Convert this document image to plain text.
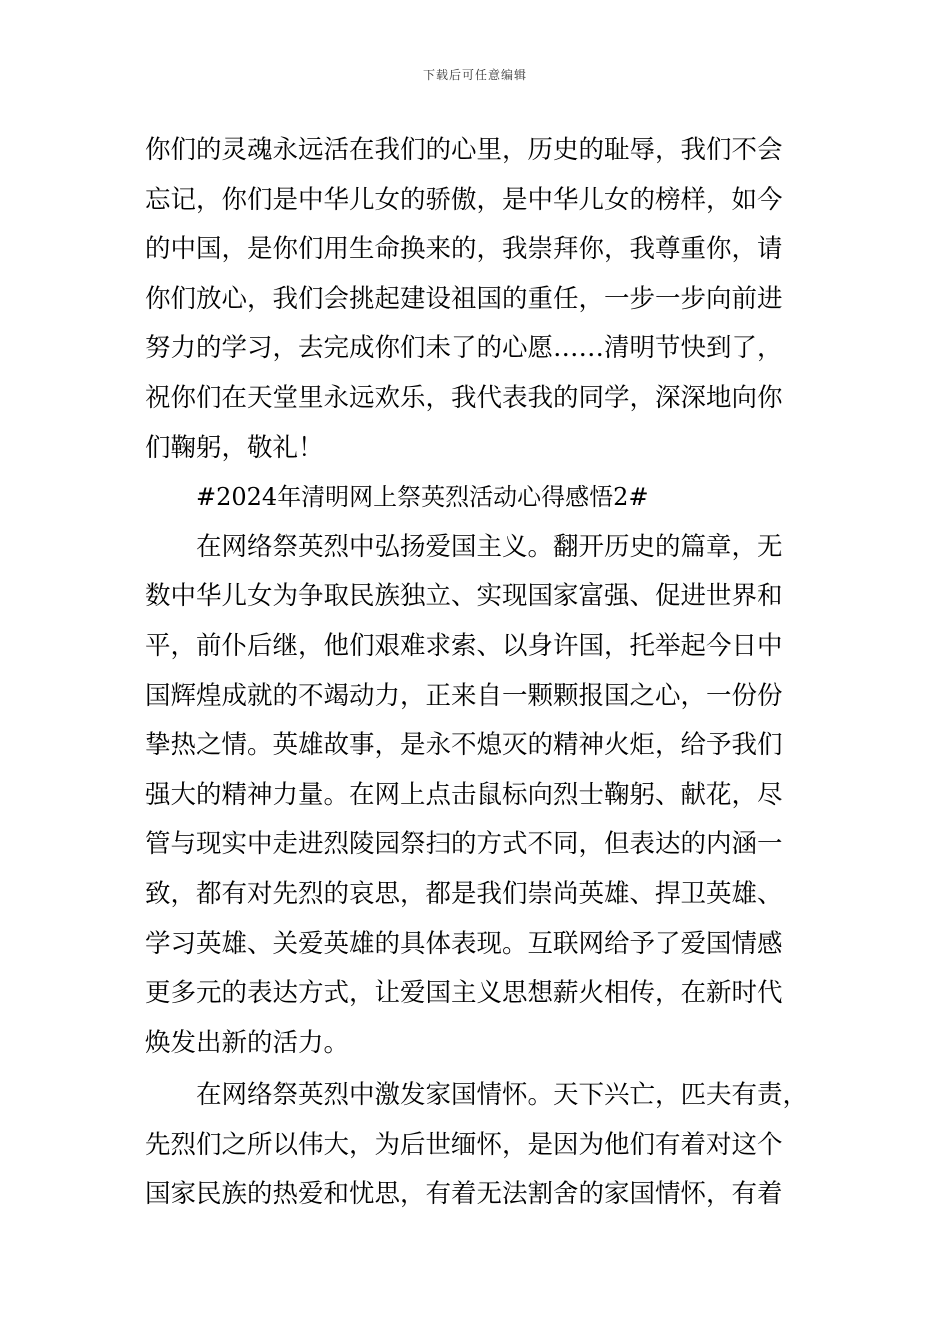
下载后可任意编辑
你们的灵魂永远活在我们的心里，历史的耻辱，我们不会
忘记，你们是中华儿女的骄傲，是中华儿女的榜样，如今
的中国，是你们用生命换来的，我崇拜你，我尊重你，请
你们放心，我们会挑起建设祖国的重任，一步一步向前进
努力的学习，去完成你们未了的心愿……清明节快到了，
祝你们在天堂里永远欢乐，我代表我的同学，深深地向你
们鞠躬，敬礼！
#2024年清明网上祭英烈活动心得感悟2#
在网络祭英烈中弘扬爱国主义。翻开历史的篇章，无
数中华儿女为争取民族独立、实现国家富强、促进世界和
平，前仆后继，他们艰难求索、以身许国，托举起今日中
国辉煌成就的不竭动力，正来自一颗颗报国之心，一份份
挚热之情。英雄故事，是永不熄灭的精神火炬，给予我们
强大的精神力量。在网上点击鼠标向烈士鞠躬、献花，尽
管与现实中走进烈陵园祭扫的方式不同，但表达的内涵一
致，都有对先烈的哀思，都是我们崇尚英雄、捍卫英雄、
学习英雄、关爱英雄的具体表现。互联网给予了爱国情感
更多元的表达方式，让爱国主义思想薪火相传，在新时代
焕发出新的活力。
在网络祭英烈中激发家国情怀。天下兴亡，匹夫有责，
先烈们之所以伟大，为后世缅怀，是因为他们有着对这个
国家民族的热爱和忧思，有着无法割舍的家国情怀，有着
